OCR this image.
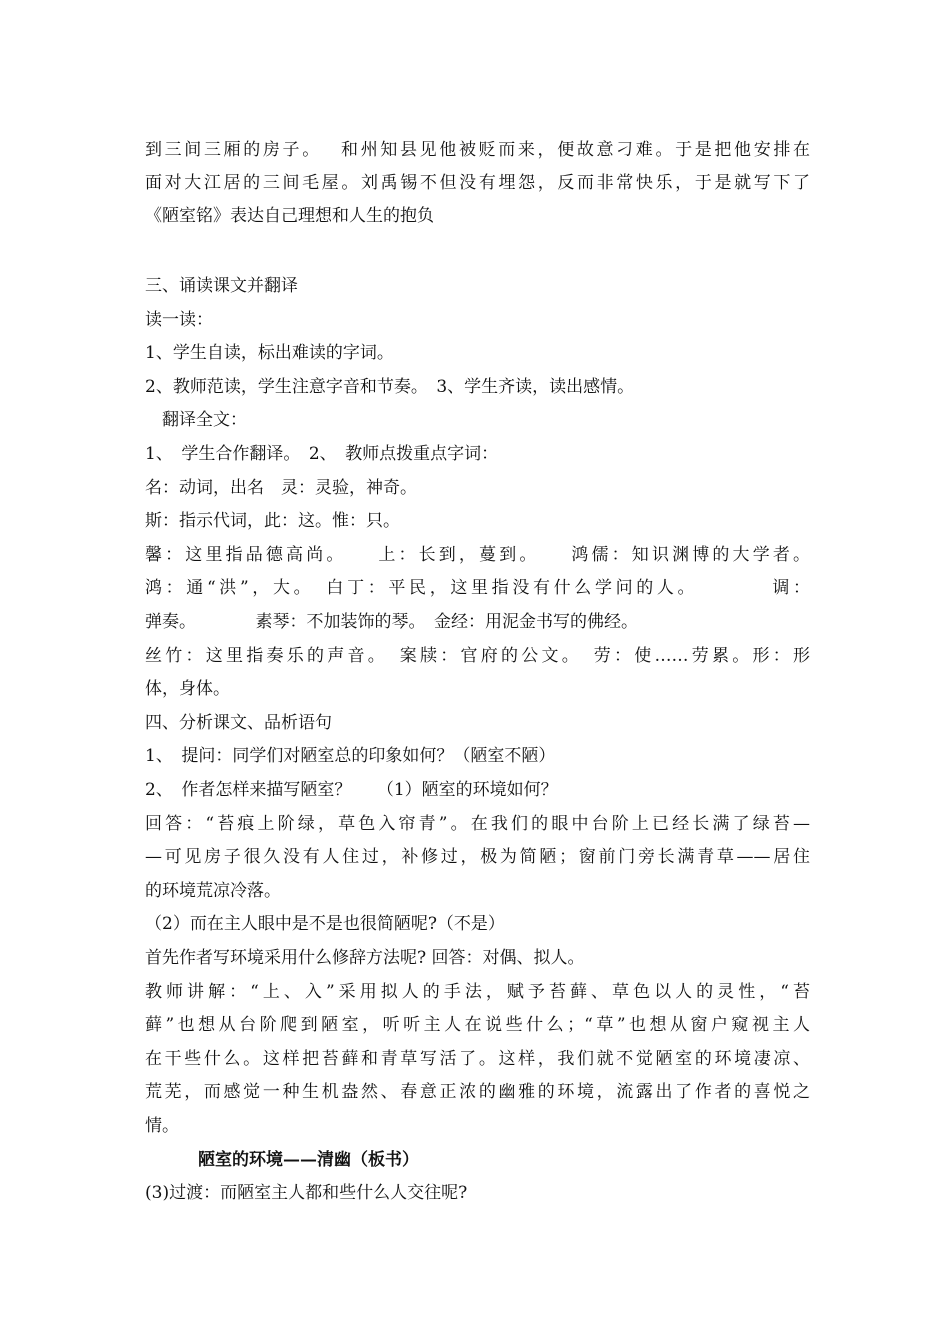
到三间三厢的房子。　 和州知县见他被贬而来，便故意刁难。于是把他安排在
面对大江居的三间毛屋。刘禹锡不但没有埋怨，反而非常快乐，于是就写下了
《陋室铭》表达自己理想和人生的抱负
三、诵读课文并翻译
读一读：
1、学生自读，标出难读的字词。
2、教师范读，学生注意字音和节奏。　3、学生齐读，读出感情。
　翻译全文：
1、　学生合作翻译。　2、　教师点拨重点字词：
名：动词，出名　灵：灵验，神奇。
斯：指示代词，此：这。惟：只。
馨：这里指品德高尚。　　上：长到，蔓到。　　鸿儒：知识渊博的大学者。
鸿：通“洪”，大。　白丁：平民，这里指没有什么学问的人。　　　　调：
弹奏。　　　　素琴：不加装饰的琴。　金经：用泥金书写的佛经。
丝竹：这里指奏乐的声音。　案牍：官府的公文。　劳：使……劳累。形：形
体，身体。
四、分析课文、品析语句
1、　提问：同学们对陋室总的印象如何？（陋室不陋）
2、　作者怎样来描写陋室？　　（1）陋室的环境如何？
回答：“苔痕上阶绿，草色入帘青”。在我们的眼中台阶上已经长满了绿苔—
—可见房子很久没有人住过，补修过，极为简陋；窗前门旁长满青草——居住
的环境荒凉冷落。
（2）而在主人眼中是不是也很简陋呢?（不是）
首先作者写环境采用什么修辞方法呢? 回答：对偶、拟人。
教师讲解：“上、入”采用拟人的手法，赋予苔藓、草色以人的灵性，“苔
藓”也想从台阶爬到陋室，听听主人在说些什么；“草”也想从窗户窥视主人
在干些什么。这样把苔藓和青草写活了。这样，我们就不觉陋室的环境凄凉、
荒芜，而感觉一种生机盎然、春意正浓的幽雅的环境，流露出了作者的喜悦之
情。
陋室的环境——清幽（板书）
(3)过渡：而陋室主人都和些什么人交往呢?
